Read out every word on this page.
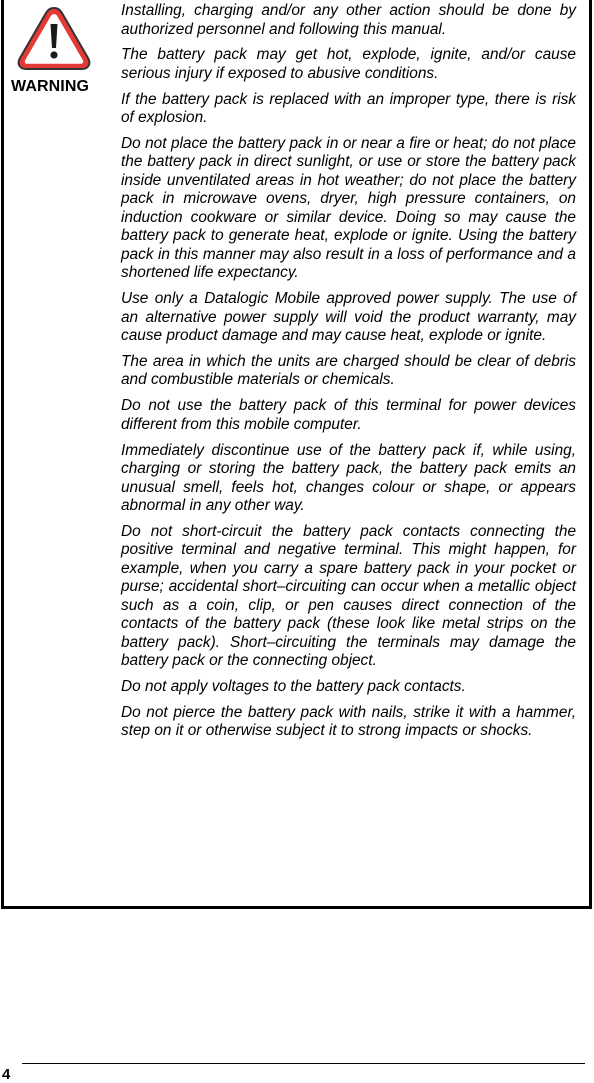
WARNING

Installing, charging and/or any other action should be done by authorized personnel and following this manual.

The battery pack may get hot, explode, ignite, and/or cause serious injury if exposed to abusive conditions.

If the battery pack is replaced with an improper type, there is risk of explosion.

Do not place the battery pack in or near a fire or heat; do not place the battery pack in direct sunlight, or use or store the battery pack inside unventilated areas in hot weather; do not place the battery pack in microwave ovens, dryer, high pressure containers, on induction cookware or similar device. Doing so may cause the battery pack to generate heat, explode or ignite. Using the battery pack in this manner may also result in a loss of performance and a shortened life expectancy.

Use only a Datalogic Mobile approved power supply. The use of an alternative power supply will void the product warranty, may cause product damage and may cause heat, explode or ignite.

The area in which the units are charged should be clear of debris and combustible materials or chemicals.

Do not use the battery pack of this terminal for power devices different from this mobile computer.

Immediately discontinue use of the battery pack if, while using, charging or storing the battery pack, the battery pack emits an unusual smell, feels hot, changes colour or shape, or appears abnormal in any other way.

Do not short-circuit the battery pack contacts connecting the positive terminal and negative terminal. This might happen, for example, when you carry a spare battery pack in your pocket or purse; accidental short–circuiting can occur when a metallic object such as a coin, clip, or pen causes direct connection of the contacts of the battery pack (these look like metal strips on the battery pack). Short–circuiting the terminals may damage the battery pack or the connecting object.

Do not apply voltages to the battery pack contacts.

Do not pierce the battery pack with nails, strike it with a hammer, step on it or otherwise subject it to strong impacts or shocks.

4
